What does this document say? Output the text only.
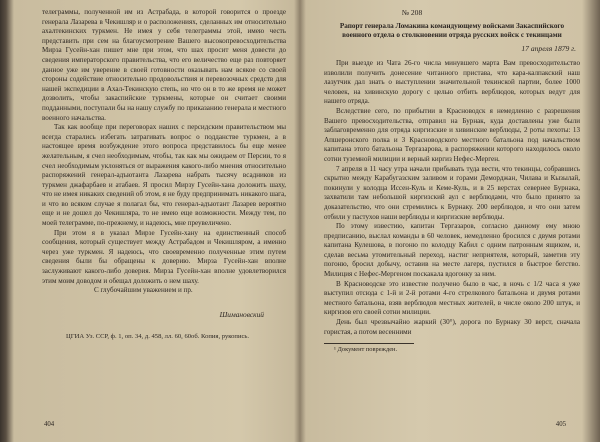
телеграммы, полученной им из Астрабада, в которой говорится о проезде генерала Лазарева в Чекишляр и о расположениях, сделанных им относительно ахалтекинских туркмен. Не имея у себя телеграммы этой, имею честь представить при сем на благоусмотрение Вашего высокопревосходительства Мирза Гусейн-хан пишет мне при этом, что шах просит меня довести до сведения императорского правительства, что его величество еще раз повторяет данное уже им уверение в своей готовности оказывать нам всякое со своей стороны содействие относительно продовольствия и перевозочных средств для нашей экспедиции в Ахал-Текинскую степь, но что он в то же время не может дозволить, чтобы закаспийские туркмены, которые он считает своими подданными, поступали бы на нашу службу по приказанию генерала и местного военного начальства.

Так как вообще при переговорах наших с персидским правительством мы всегда старались избегать затрагивать вопрос о подданстве туркмен, а в настоящее время возбуждение этого вопроса представилось бы еще менее желательным, я счел необходимым, чтобы, так как мы ожидаем от Персии, то я счел необходимым уклоняться от выражения какого-либо мнения относительно распоряжений генерал-адъютанта Лазарева набрать тысячу всадников из туркмен джафарбаев и атабаев. Я просил Мирзу Гусейн-хана доложить шаху, что не имея никаких сведений об этом, я не буду предпринимать никакого шага, и что во всяком случае я полагал бы, что генерал-адъютант Лазарев вероятно еще и не дошел до Чекишляра, то не имею еще возможности. Между тем, по моей телеграмме, по-прежнему, и надеюсь, мне преувеличено.

При этом я в указал Мирзе Гусейн-хану на единственный способ сообщения, который существует между Астрабадом и Чекишляром, а именно через уже туркмен. Я надеюсь, что своевременно полученные этим путем сведения были бы обращены к доверию. Мирза Гусейн-хан вполне заслуживают какого-либо доверия. Мирза Гусейн-хан вполне удовлетворился этим моим доводом и обещал доложить о нем шаху.

С глубочайшим уважением и пр.

Шимановский
ЦГИА Уз. ССР, ф. 1, оп. 34, д. 458, лл. 60, 60об. Копия, рукопись.
404
№ 208
Рапорт генерала Ломакина командующему войсками Закаспийского военного отдела о столкновении отряда русских войск с текинцами
17 апреля 1879 г.

При выезде из Чата 26-го числа минувшего марта Вам превосходительство изволили получить донесение читанного пристава, что кара-калпакский наш лазутчик дал знать о выступлении значительной текинской партии, более 1000 человек, на хивинскую дорогу с целью отбить верблюдов, которых ведут для нашего отряда.

Вследствие сего, по прибытии в Красноводск я немедленно с разрешения Вашего превосходительства, отправил на Бурнак, куда доставлены уже были заблаговременно для отряда киргизские и хивинские верблюды, 2 роты пехоты: 13 Апшеронского полка и 3 Красноводского местного батальона под начальством капитана этого батальона Тергазарова, в распоряжении которого находилось около сотни туземной милиции и верный киргиз Нефес-Мерген.

7 апреля в 11 часу утра начали прибывать туда вести, что текинцы, собравшись скрытно между Карабугазским заливом и горами Деморджан, Чилава и Кызылай, покинули у колодца Иссен-Куль и Кеме-Куль, и в 25 верстах севернее Бурнака, захватили там небольшой киргизский аул с верблюдами, что было принято за доказательство, что они стремились к Бурнаку. 200 верблюдов, и что они затем отбили у пастухов наши верблюды и киргизские верблюды.

По этому известию, капитан Тергазаров, согласно данному ему мною предписанию, выслал команды в 60 человек, немедленно бросился с двумя ротами капитана Кулешова, в погоню по колодцу Кабил с одним патронным ящиком, и, сделав весьма утомительный переход, настиг неприятеля, который, заметив эту погоню, бросил добычу, оставив на месте лагеря, пустился в быстрое бегство. Милиция с Нефес-Мергеном поскакала вдогонку за ним.

В Красноводске это известие получено было в час, в ночь с 1/2 часа я уже выступил отсюда с 1-й и 2-й ротами 4-го стрелкового батальона и двумя ротами местного батальона, взяв верблюдов местных жителей, в числе около 200 штук, и киргизов его своей сотни милиции.

День был чрезвычайно жаркий (30°), дорога по Бурнаку 30 верст, сначала гористая, а потом весенними

¹ Документ поврежден.
405
